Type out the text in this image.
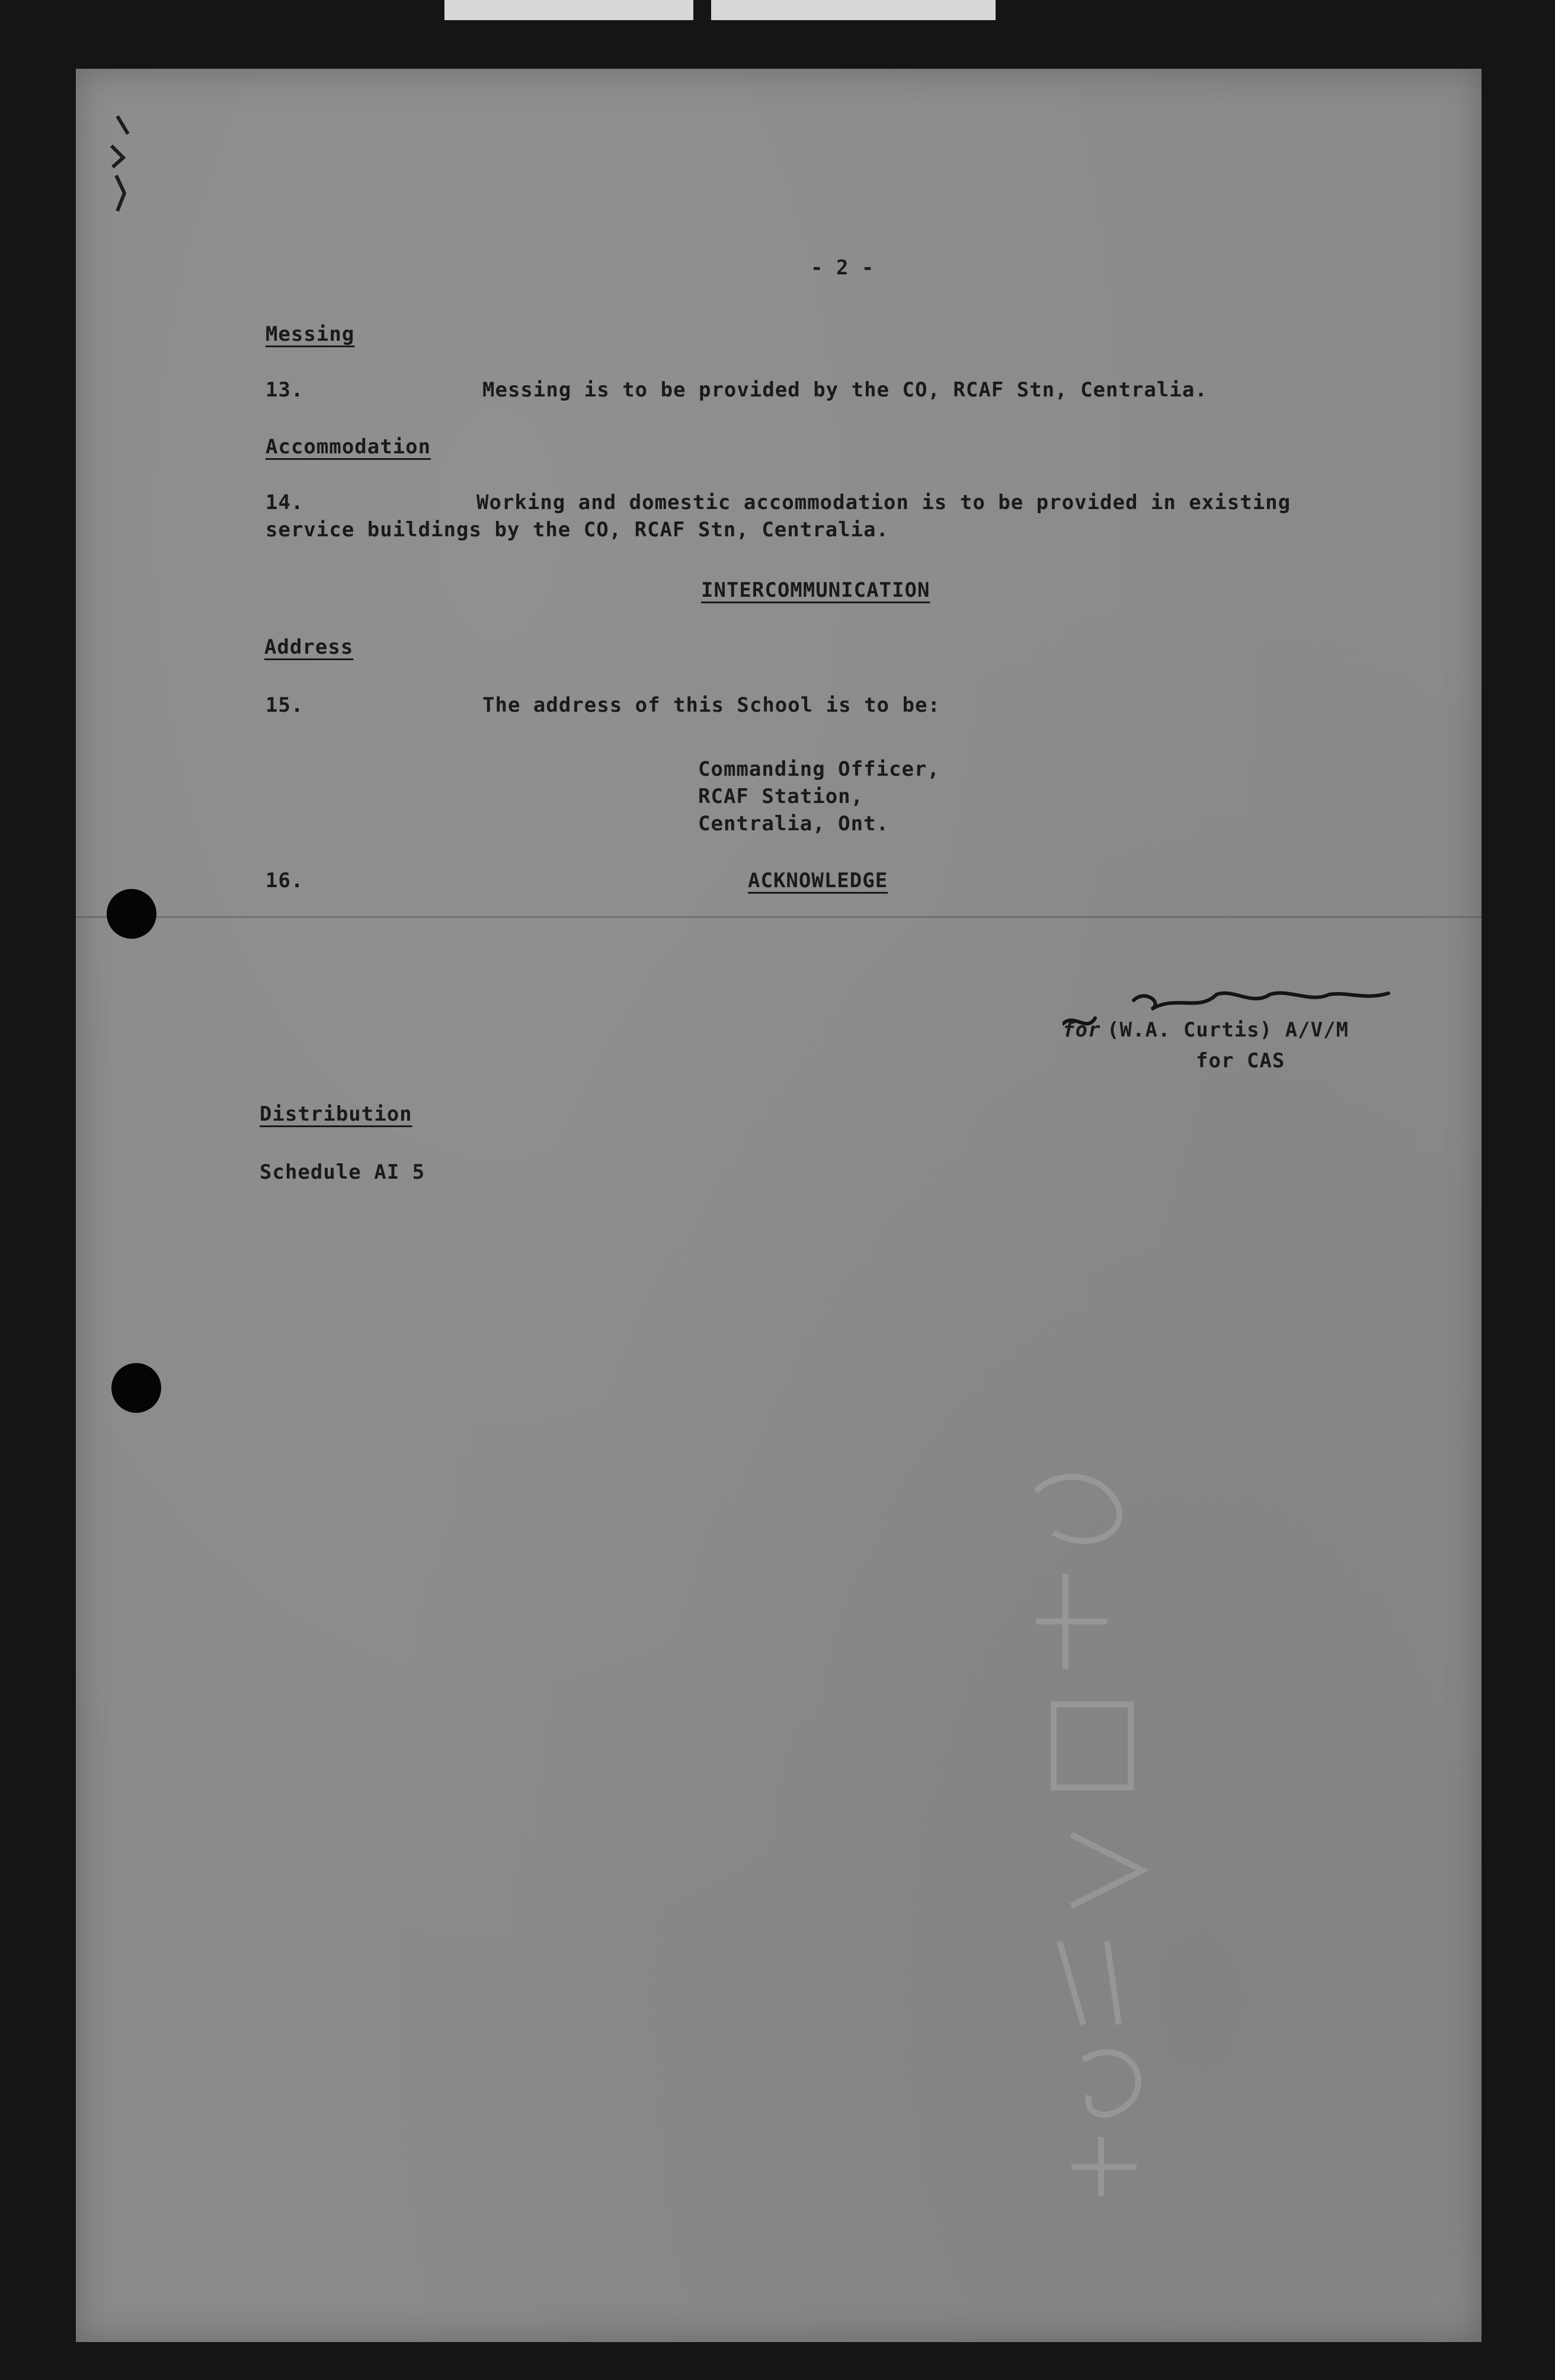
- 2 -
Messing
13.	Messing is to be provided by the CO, RCAF Stn, Centralia.
Accommodation
14.	Working and domestic accommodation is to be provided in existing
service buildings by the CO, RCAF Stn, Centralia.
INTERCOMMUNICATION
Address
15.	The address of this School is to be:
Commanding Officer,
RCAF Station,
Centralia, Ont.
16.	ACKNOWLEDGE
for (W.A. Curtis) A/V/M
for CAS
Distribution
Schedule AI 5
